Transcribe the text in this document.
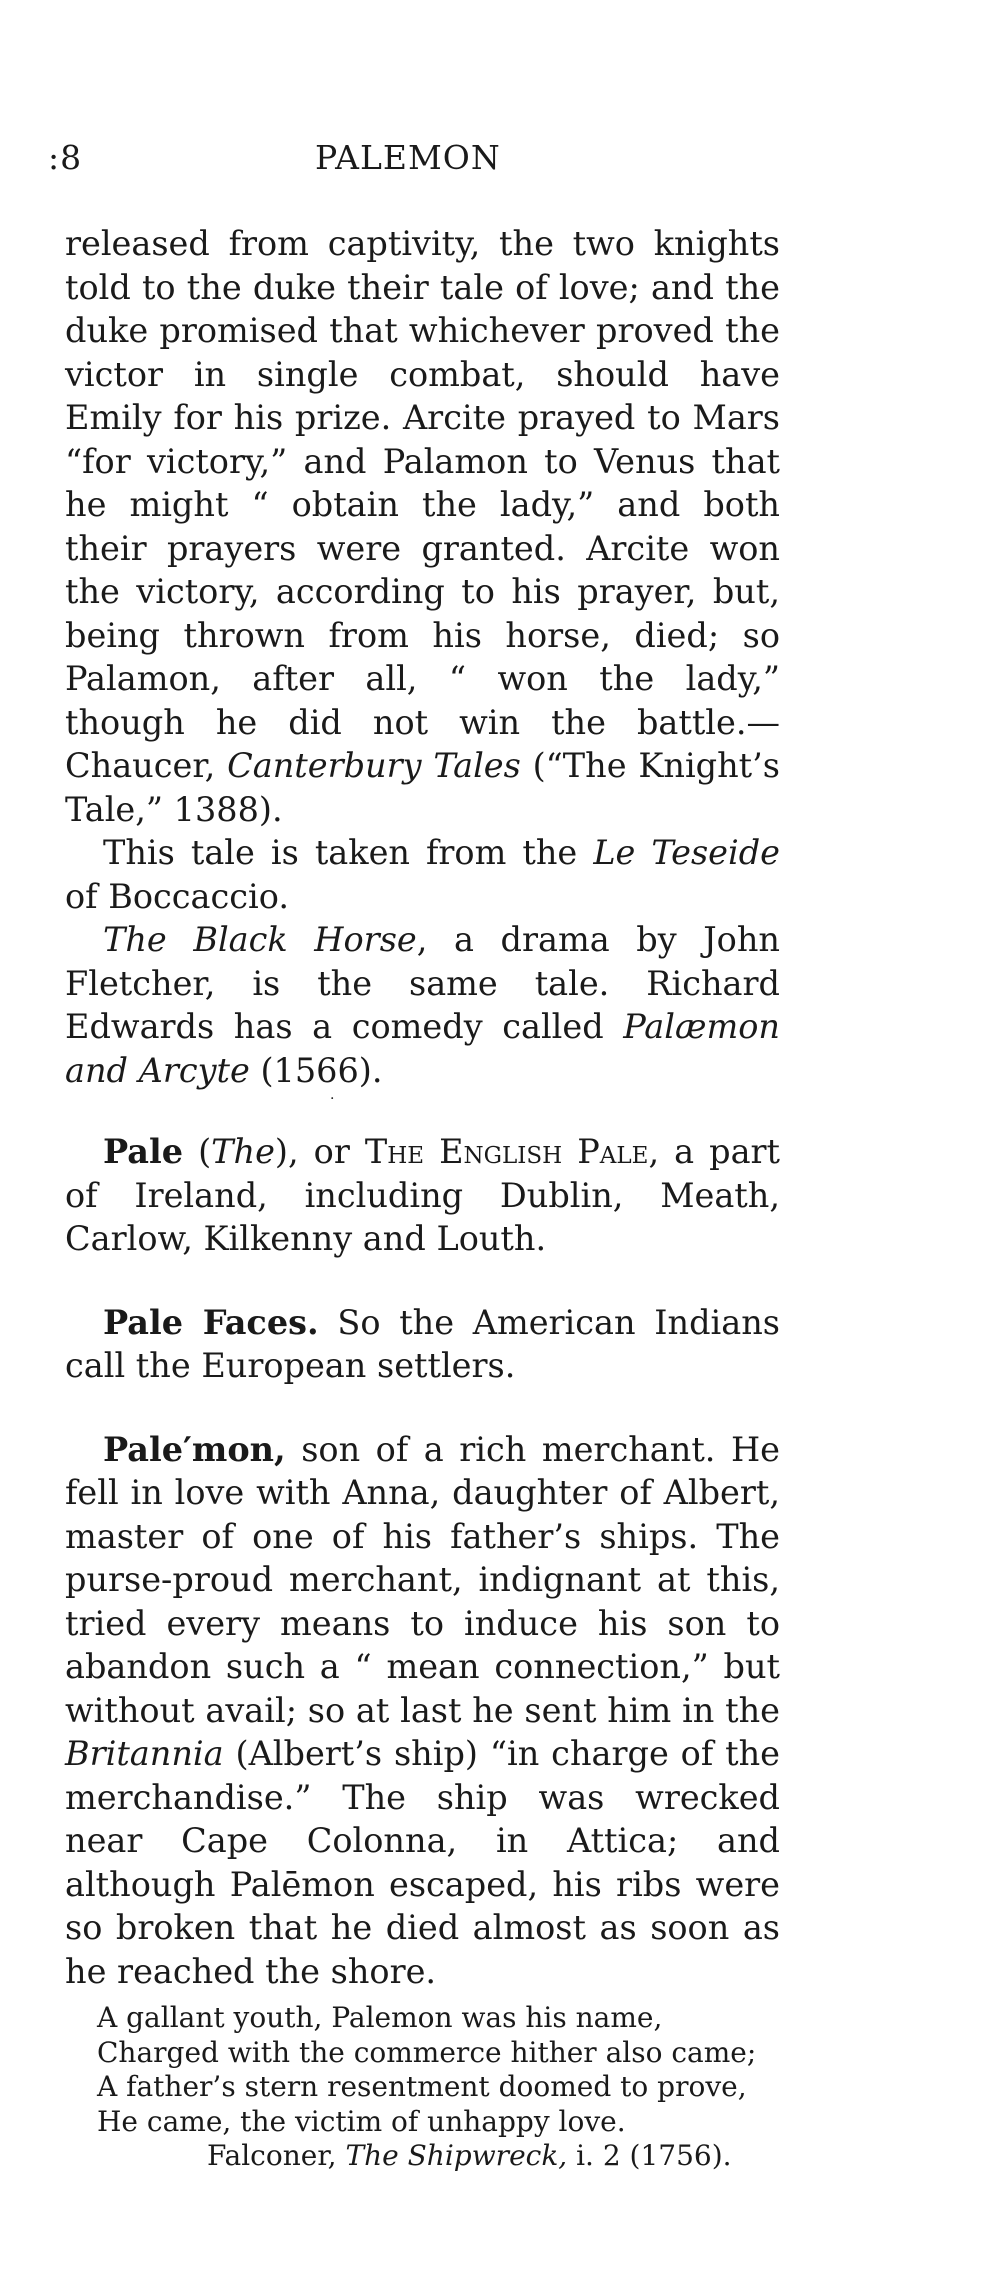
:8	PALEMON

released from captivity, the two knights told to the duke their tale of love; and the duke promised that whichever proved the victor in single combat, should have Emily for his prize. Arcite prayed to Mars “for victory,” and Palamon to Venus that he might “ obtain the lady,” and both their prayers were granted. Arcite won the victory, according to his prayer, but, being thrown from his horse, died; so Palamon, after all, “ won the lady,” though he did not win the battle.—Chaucer, Canterbury Tales (“The Knight’s Tale,” 1388).

This tale is taken from the Le Teseide of Boccaccio.

The Black Horse, a drama by John Fletcher, is the same tale. Richard Edwards has a comedy called Palæmon and Arcyte (1566).

·

Pale (The), or The English Pale, a part of Ireland, including Dublin, Meath, Carlow, Kilkenny and Louth.

Pale Faces. So the American Indians call the European settlers.

Pale′mon, son of a rich merchant. He fell in love with Anna, daughter of Albert, master of one of his father’s ships. The purse-proud merchant, indignant at this, tried every means to induce his son to abandon such a “ mean connection,” but without avail; so at last he sent him in the Britannia (Albert’s ship) “in charge of the merchandise.” The ship was wrecked near Cape Colonna, in Attica; and although Palēmon escaped, his ribs were so broken that he died almost as soon as he reached the shore.

A gallant youth, Palemon was his name,
Charged with the commerce hither also came;
A father’s stern resentment doomed to prove,
He came, the victim of unhappy love.
Falconer, The Shipwreck, i. 2 (1756).
